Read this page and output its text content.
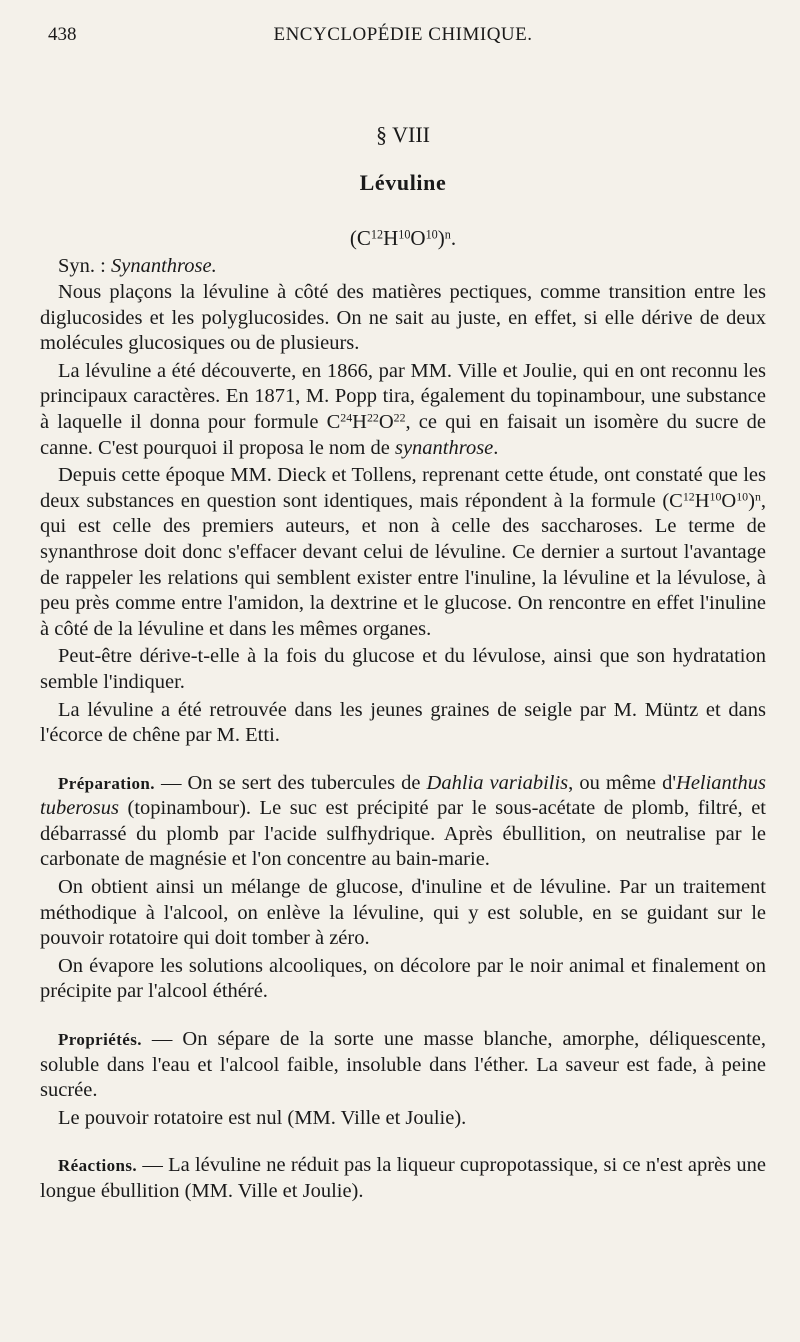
438	ENCYCLOPÉDIE CHIMIQUE.
§ VIII
Lévuline
$(C^{12}H^{10}O^{10})^n$.
Syn. : Synanthrose.

Nous plaçons la lévuline à côté des matières pectiques, comme transition entre les diglucosides et les polyglucosides. On ne sait au juste, en effet, si elle dérive de deux molécules glucosiques ou de plusieurs.

La lévuline a été découverte, en 1866, par MM. Ville et Joulie, qui en ont reconnu les principaux caractères. En 1871, M. Popp tira, également du topinambour, une substance à laquelle il donna pour formule $C^{24}H^{22}O^{22}$, ce qui en faisait un isomère du sucre de canne. C'est pourquoi il proposa le nom de synanthrose.

Depuis cette époque MM. Dieck et Tollens, reprenant cette étude, ont constaté que les deux substances en question sont identiques, mais répondent à la formule $(C^{12}H^{10}O^{10})^n$, qui est celle des premiers auteurs, et non à celle des saccharoses. Le terme de synanthrose doit donc s'effacer devant celui de lévuline. Ce dernier a surtout l'avantage de rappeler les relations qui semblent exister entre l'inuline, la lévuline et la lévulose, à peu près comme entre l'amidon, la dextrine et le glucose. On rencontre en effet l'inuline à côté de la lévuline et dans les mêmes organes.

Peut-être dérive-t-elle à la fois du glucose et du lévulose, ainsi que son hydratation semble l'indiquer.

La lévuline a été retrouvée dans les jeunes graines de seigle par M. Müntz et dans l'écorce de chêne par M. Etti.

Préparation. — On se sert des tubercules de Dahlia variabilis, ou même d'Helianthus tuberosus (topinambour). Le suc est précipité par le sous-acétate de plomb, filtré, et débarrassé du plomb par l'acide sulfhydrique. Après ébullition, on neutralise par le carbonate de magnésie et l'on concentre au bain-marie.

On obtient ainsi un mélange de glucose, d'inuline et de lévuline. Par un traitement méthodique à l'alcool, on enlève la lévuline, qui y est soluble, en se guidant sur le pouvoir rotatoire qui doit tomber à zéro.

On évapore les solutions alcooliques, on décolore par le noir animal et finalement on précipite par l'alcool éthéré.

Propriétés. — On sépare de la sorte une masse blanche, amorphe, déliquescente, soluble dans l'eau et l'alcool faible, insoluble dans l'éther. La saveur est fade, à peine sucrée.

Le pouvoir rotatoire est nul (MM. Ville et Joulie).

Réactions. — La lévuline ne réduit pas la liqueur cupropotassique, si ce n'est après une longue ébullition (MM. Ville et Joulie).
